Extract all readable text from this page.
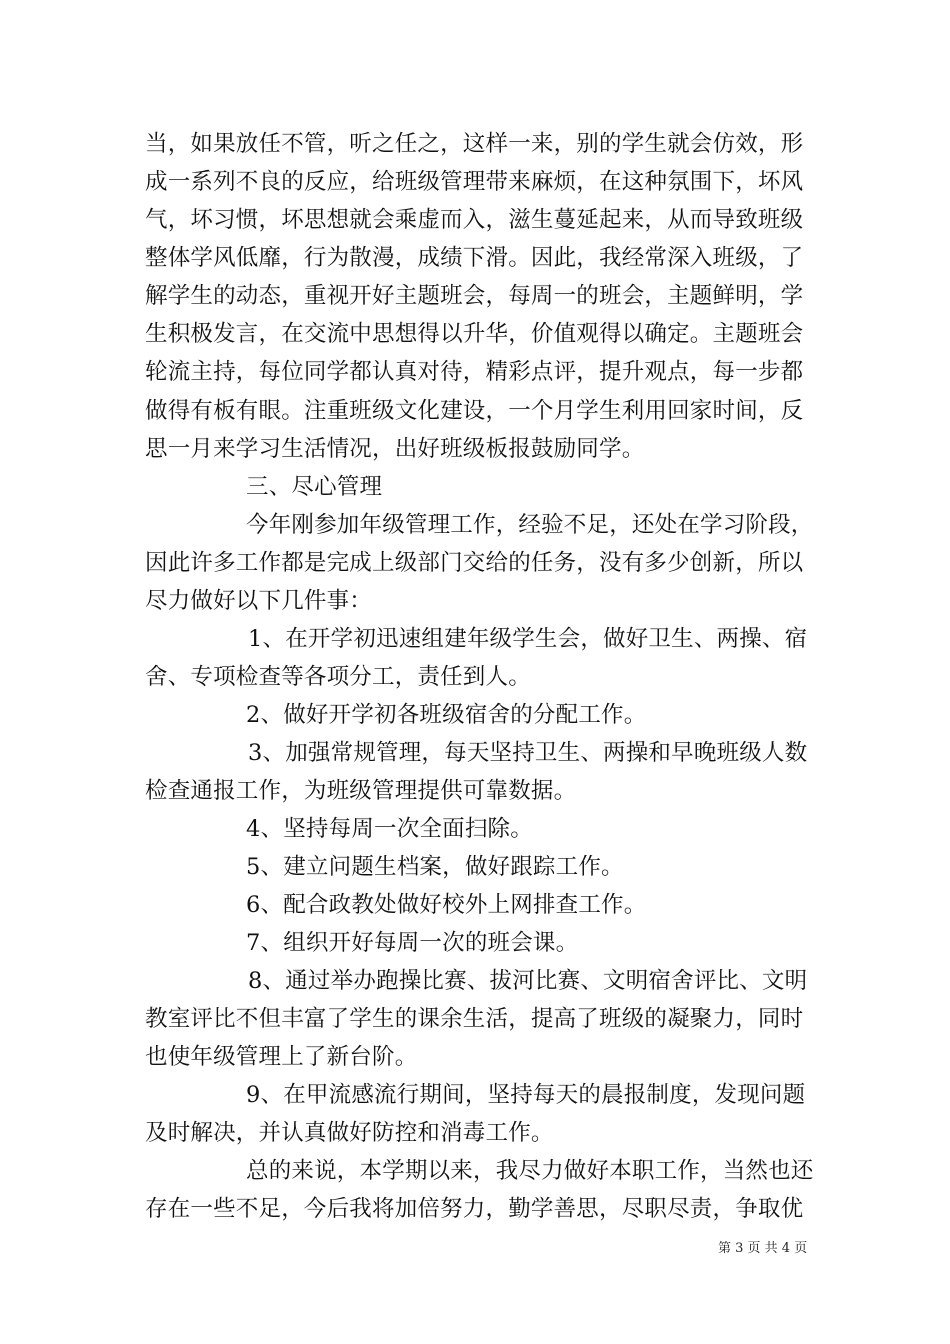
当，如果放任不管，听之任之，这样一来，别的学生就会仿效，形
成一系列不良的反应，给班级管理带来麻烦，在这种氛围下，坏风
气，坏习惯，坏思想就会乘虚而入，滋生蔓延起来，从而导致班级
整体学风低靡，行为散漫，成绩下滑。因此，我经常深入班级，了
解学生的动态，重视开好主题班会，每周一的班会，主题鲜明，学
生积极发言，在交流中思想得以升华，价值观得以确定。主题班会
轮流主持，每位同学都认真对待，精彩点评，提升观点，每一步都
做得有板有眼。注重班级文化建设，一个月学生利用回家时间，反
思一月来学习生活情况，出好班级板报鼓励同学。
三、尽心管理
今年刚参加年级管理工作，经验不足，还处在学习阶段，
因此许多工作都是完成上级部门交给的任务，没有多少创新，所以
尽力做好以下几件事：
1、在开学初迅速组建年级学生会，做好卫生、两操、宿
舍、专项检查等各项分工，责任到人。
2、做好开学初各班级宿舍的分配工作。
3、加强常规管理，每天坚持卫生、两操和早晚班级人数
检查通报工作，为班级管理提供可靠数据。
4、坚持每周一次全面扫除。
5、建立问题生档案，做好跟踪工作。
6、配合政教处做好校外上网排查工作。
7、组织开好每周一次的班会课。
8、通过举办跑操比赛、拔河比赛、文明宿舍评比、文明
教室评比不但丰富了学生的课余生活，提高了班级的凝聚力，同时
也使年级管理上了新台阶。
9、在甲流感流行期间，坚持每天的晨报制度，发现问题
及时解决，并认真做好防控和消毒工作。
总的来说，本学期以来，我尽力做好本职工作，当然也还
存在一些不足，今后我将加倍努力，勤学善思，尽职尽责，争取优
第 3 页 共 4 页
